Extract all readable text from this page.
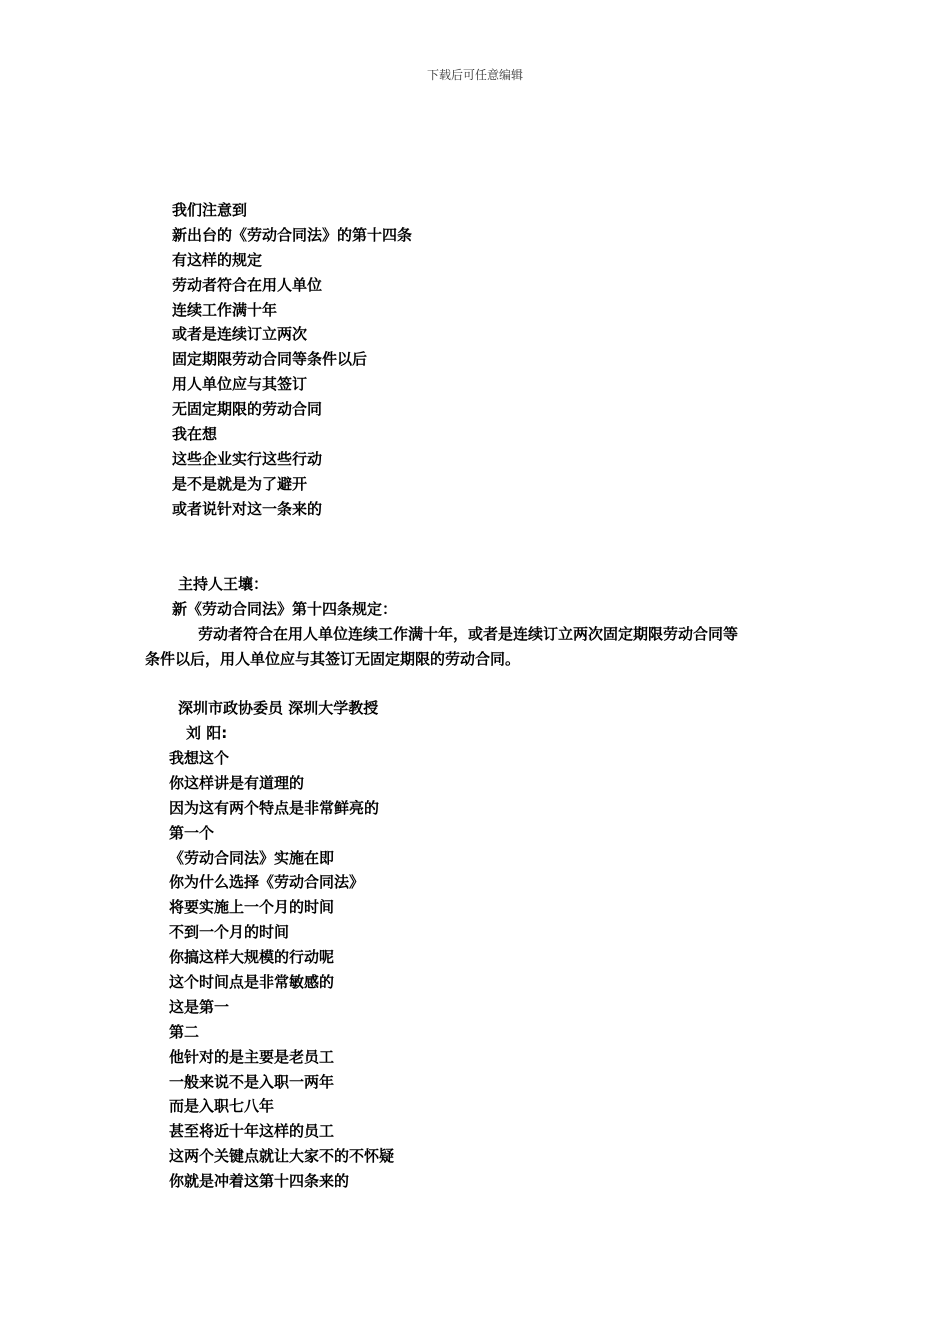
下载后可任意编辑
我们注意到
新出台的《劳动合同法》的第十四条
有这样的规定
劳动者符合在用人单位
连续工作满十年
或者是连续订立两次
固定期限劳动合同等条件以后
用人单位应与其签订
无固定期限的劳动合同
我在想
这些企业实行这些行动
是不是就是为了避开
或者说针对这一条来的
主持人王壤：
新《劳动合同法》第十四条规定：
劳动者符合在用人单位连续工作满十年，或者是连续订立两次固定期限劳动合同等
条件以后，用人单位应与其签订无固定期限的劳动合同。
深圳市政协委员 深圳大学教授
刘 阳:
我想这个
你这样讲是有道理的
因为这有两个特点是非常鲜亮的
第一个
《劳动合同法》实施在即
你为什么选择《劳动合同法》
将要实施上一个月的时间
不到一个月的时间
你搞这样大规模的行动呢
这个时间点是非常敏感的
这是第一
第二
他针对的是主要是老员工
一般来说不是入职一两年
而是入职七八年
甚至将近十年这样的员工
这两个关键点就让大家不的不怀疑
你就是冲着这第十四条来的
